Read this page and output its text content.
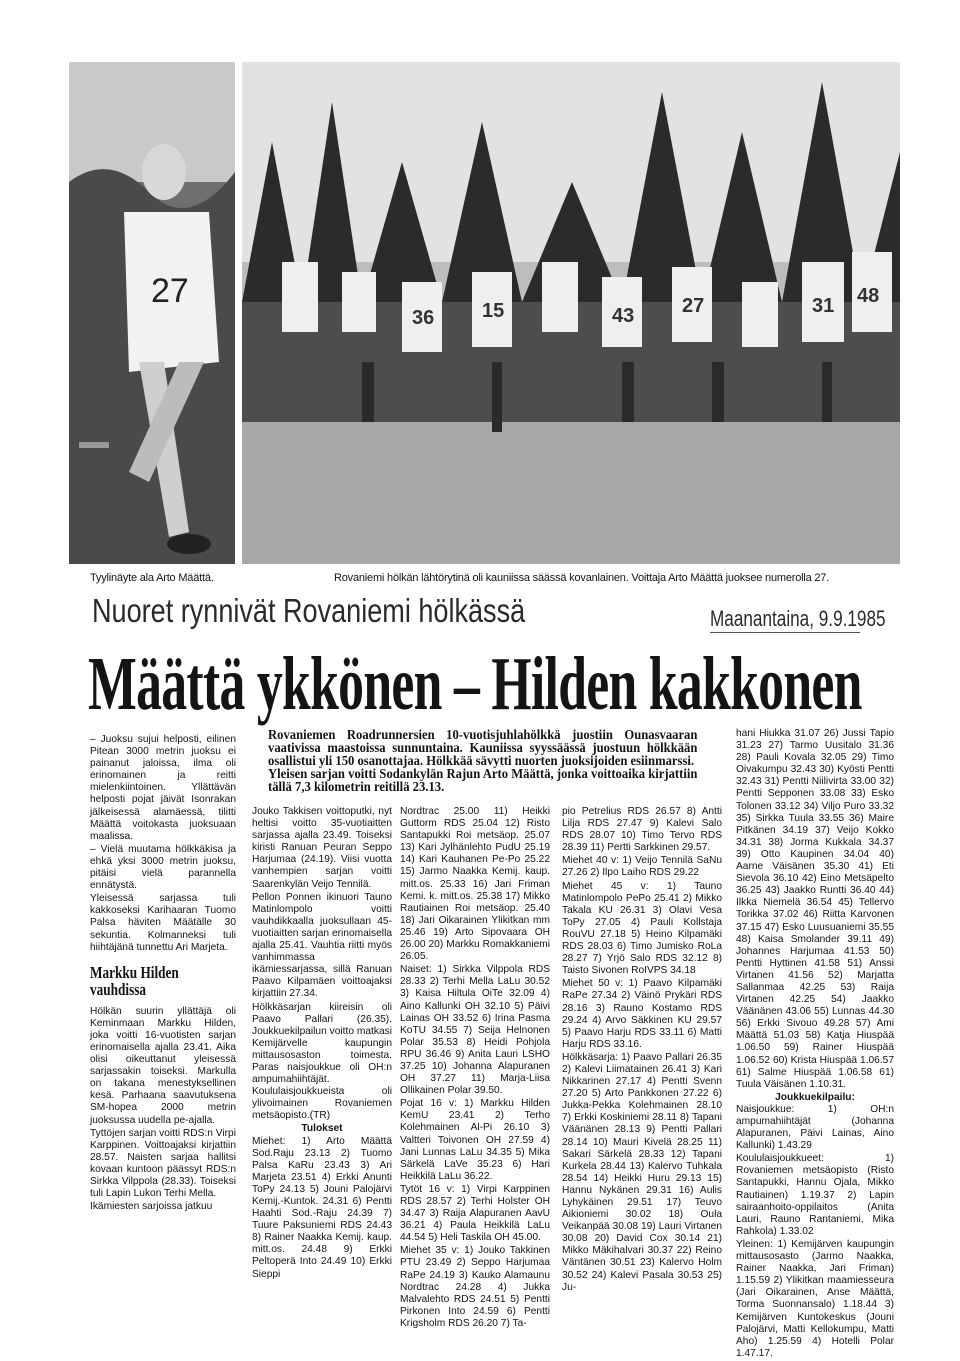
27
15	43 27	31 48
36
Tyylinäyte ala Arto Määttä.	Rovaniemi hölkän lähtörytinä oli kauniissa säässä kovanlainen. Voittaja Arto Määttä juoksee numerolla 27.
Nuoret rynnivät Rovaniemi hölkässä	Maanantaina, 9.9.1985
Määttä ykkönen – Hilden kakkonen

Rovaniemen Roadrunnersien 10-vuotisjuhlahölkkä juostiin Ounasvaaran vaativissa maastoissa sunnuntaina. Kauniissa syyssäässä juostuun hölkkään osallistui yli 150 osanottajaa. Hölkkää sävytti nuorten juoksijoiden esiinmarssi.

Yleisen sarjan voitti Sodankylän Rajun Arto Määttä, jonka voittoaika kirjattiin tällä 7,3 kilometrin reitillä 23.13.

– Juoksu sujui helposti, eilinen Pitean 3000 metrin juoksu ei painanut jaloissa, ilma oli erinomainen ja reitti mielenkiintoinen. Yllättävän helposti pojat jäivät Isonrakan jälkeisessä alamäessä, tilitti Määttä voitokasta juoksuaan maalissa.

– Vielä muutama hölkkäkisa ja ehkä yksi 3000 metrin juoksu, pitäisi vielä parannella ennätystä.

Yleisessä sarjassa tuli kakkoseksi Karihaaran Tuomo Palsa häviten Määtälle 30 sekuntia. Kolmanneksi tuli hiihtäjänä tunnettu Ari Marjeta.

Markku Hilden
vauhdissa

Hölkän suurin yllättäjä oli Keminmaan Markku Hilden, joka voitti 16-vuotisten sarjan erinomaisella ajalla 23.41. Aika olisi oikeuttanut yleisessä sarjassakin toiseksi. Markulla on takana menestyksellinen kesä. Parhaana saavutuksena SM-hopea 2000 metrin juoksussa uudella pe-ajalla.

Tyttöjen sarjan voitti RDS:n Virpi Karppinen. Voittoajaksi kirjattiin 28.57. Naisten sarjaa hallitsi kovaan kuntoon päässyt RDS:n Sirkka Vilppola (28.33). Toiseksi tuli Lapin Lukon Terhi Mella.

Ikämiesten sarjoissa jatkuu

Jouko Takkisen voittoputki, nyt heltisi voitto 35-vuotiaitten sarjassa ajalla 23.49. Toiseksi kiristi Ranuan Peuran Seppo Harjumaa (24.19). Viisi vuotta vanhempien sarjan voitti Saarenkylän Veijo Tennilä.

Pellon Ponnen ikinuori Tauno Matinlompolo voitti vauhdikkaalla juoksullaan 45-vuotiaitten sarjan erinomaisella ajalla 25.41. Vauhtia riitti myös vanhimmassa ikämiessarjassa, sillä Ranuan Paavo Kilpamäen voittoajaksi kirjattiin 27.34.

Hölkkäsarjan kiireisin oli Paavo Pallari (26.35). Joukkuekilpailun voitto matkasi Kemijärvelle kaupungin mittausosaston toimesta. Paras naisjoukkue oli OH:n ampumahiihtäjät. Koululaisjoukkueista oli ylivoimainen Rovaniemen metsäopisto.(TR)

Tulokset

Miehet: 1) Arto Määttä Sod.Raju 23.13 2) Tuomo Palsa KaRu 23.43 3) Ari Marjeta 23.51 4) Erkki Anunti ToPy 24.13 5) Jouni Palojärvi Kemij.-Kuntok. 24.31 6) Pentti Haahti Sod.-Raju 24.39 7) Tuure Paksuniemi RDS 24.43 8) Rainer Naakka Kemij. kaup. mitt.os. 24.48 9) Erkki Peltoperä Into 24.49 10) Erkki Sieppi

Nordtrac 25.00 11) Heikki Guttorm RDS 25.04 12) Risto Santapukki Roi metsäop. 25.07 13) Kari Jylhänlehto PudU 25.19 14) Kari Kauhanen Pe-Po 25.22 15) Jarmo Naakka Kemij. kaup. mitt.os. 25.33 16) Jari Friman Kemi. k. mitt.os. 25.38 17) Mikko Rautiainen Roi metsäop. 25.40 18) Jari Oikarainen Ylikitkan mm 25.46 19) Arto Sipovaara OH 26.00 20) Markku Romakkaniemi 26.05.

Naiset: 1) Sirkka Vilppola RDS 28.33 2) Terhi Mella LaLu 30.52 3) Kaisa Hiltula OiTe 32.09 4) Aino Kallunki OH 32.10 5) Päivi Lainas OH 33.52 6) Irina Pasma KoTU 34.55 7) Seija Helnonen Polar 35.53 8) Heidi Pohjola RPU 36.46 9) Anita Lauri LSHO 37.25 10) Johanna Alapuranen OH 37.27 11) Marja-Liisa Ollikainen Polar 39.50.

Pojat 16 v: 1) Markku Hilden KemU 23.41 2) Terho Kolehmainen Al-Pi 26.10 3) Valtteri Toivonen OH 27.59 4) Jani Lunnas LaLu 34.35 5) Mika Särkelä LaVe 35.23 6) Hari Heikkilä LaLu 36.22.

Tytöt 16 v: 1) Virpi Karppinen RDS 28.57 2) Terhi Holster OH 34.47 3) Raija Alapuranen AavU 36.21 4) Paula Heikkilä LaLu 44.54 5) Heli Taskila OH 45.00.

Miehet 35 v: 1) Jouko Takkinen PTU 23.49 2) Seppo Harjumaa RaPe 24.19 3) Kauko Alamaunu Nordtrac 24.28 4) Jukka Malvalehto RDS 24.51 5) Pentti Pirkonen Into 24.59 6) Pentti Krigsholm RDS 26.20 7) Ta-

pio Petrelius RDS 26.57 8) Antti Lilja RDS 27.47 9) Kalevi Salo RDS 28.07 10) Timo Tervo RDS 28.39 11) Pertti Sarkkinen 29.57.

Miehet 40 v: 1) Veijo Tennilä SaNu 27.26 2) Ilpo Laiho RDS 29.22

Miehet 45 v: 1) Tauno Matinlompolo PePo 25.41 2) Mikko Takala KU 26.31 3) Olavi Vesa ToPy 27.05 4) Pauli Kollstaja RouVU 27.18 5) Heino Kilpamäki RDS 28.03 6) Timo Jumisko RoLa 28.27 7) Yrjö Salo RDS 32.12 8) Taisto Sivonen RoIVPS 34.18

Miehet 50 v: 1) Paavo Kilpamäki RaPe 27.34 2) Väinö Prykäri RDS 28.16 3) Rauno Kostamo RDS 29.24 4) Arvo Säkkinen KU 29.57 5) Paavo Harju RDS 33.11 6) Matti Harju RDS 33.16.

Hölkkäsarja: 1) Paavo Pallari 26.35 2) Kalevi Liimatainen 26.41 3) Kari Nikkarinen 27.17 4) Pentti Svenn 27.20 5) Arto Pankkonen 27.22 6) Jukka-Pekka Kolehmainen 28.10 7) Erkki Koskiniemi 28.11 8) Tapani Väänänen 28.13 9) Pentti Pallari 28.14 10) Mauri Kivelä 28.25 11) Sakari Särkelä 28.33 12) Tapani Kurkela 28.44 13) Kalervo Tuhkala 28.54 14) Heikki Huru 29.13 15) Hannu Nykänen 29.31 16) Aulis Lyhykäinen 29.51 17) Teuvo Aikioniemi 30.02 18) Oula Veikanpää 30.08 19) Lauri Virtanen 30.08 20) David Cox 30.14 21) Mikko Mäkihalvari 30.37 22) Reino Väntänen 30.51 23) Kalervo Holm 30.52 24) Kalevi Pasala 30.53 25) Ju-

hani Hiukka 31.07 26) Jussi Tapio 31.23 27) Tarmo Uusitalo 31.36 28) Pauli Kovala 32.05 29) Timo Oivakumpu 32.43 30) Kyösti Pentti 32.43 31) Pentti Niilivirta 33.00 32) Pentti Sepponen 33.08 33) Esko Tolonen 33.12 34) Viljo Puro 33.32 35) Sirkka Tuula 33.55 36) Maire Pitkänen 34.19 37) Veijo Kokko 34.31 38) Jorma Kukkala 34.37 39) Otto Kaupinen 34.04 40) Aarne Väisänen 35.30 41) Eti Sievola 36.10 42) Eino Metsäpelto 36.25 43) Jaakko Runtti 36.40 44) Ilkka Niemelä 36.54 45) Tellervo Torikka 37.02 46) Riitta Karvonen 37.15 47) Esko Luusuaniemi 35.55 48) Kaisa Smolander 39.11 49) Johannes Harjumaa 41.53 50) Pentti Hyttinen 41.58 51) Anssi Virtanen 41.56 52) Marjatta Sallanmaa 42.25 53) Raija Virtanen 42.25 54) Jaakko Väänänen 43.06 55) Lunnas 44.30 56) Erkki Sivouo 49.28 57) Ami Määttä 51.03 58) Katja Hiuspää 1.06.50 59) Rainer Hiuspää 1.06.52 60) Krista Hiuspää 1.06.57 61) Salme Hiuspää 1.06.58 61) Tuula Väisänen 1.10.31.

Joukkuekilpailu:

Naisjoukkue: 1) OH:n ampumahiihtäjät (Johanna Alapuranen, Päivi Lainas, Aino Kallunki) 1.43.29

Koululaisjoukkueet: 1) Rovaniemen metsäopisto (Risto Santapukki, Hannu Ojala, Mikko Rautiainen) 1.19.37 2) Lapin sairaanhoito-oppilaitos (Anita Lauri, Rauno Rantaniemi, Mika Rahkola) 1.33.02

Yleinen: 1) Kemijärven kaupungin mittausosasto (Jarmo Naakka, Rainer Naakka, Jari Friman) 1.15.59 2) Ylikitkan maamiesseura (Jari Oikarainen, Anse Määttä, Torma Suonnansalo) 1.18.44 3) Kemijärven Kuntokeskus (Jouni Palojärvi, Matti Kellokumpu, Matti Aho) 1.25.59 4) Hotelli Polar 1.47.17.
